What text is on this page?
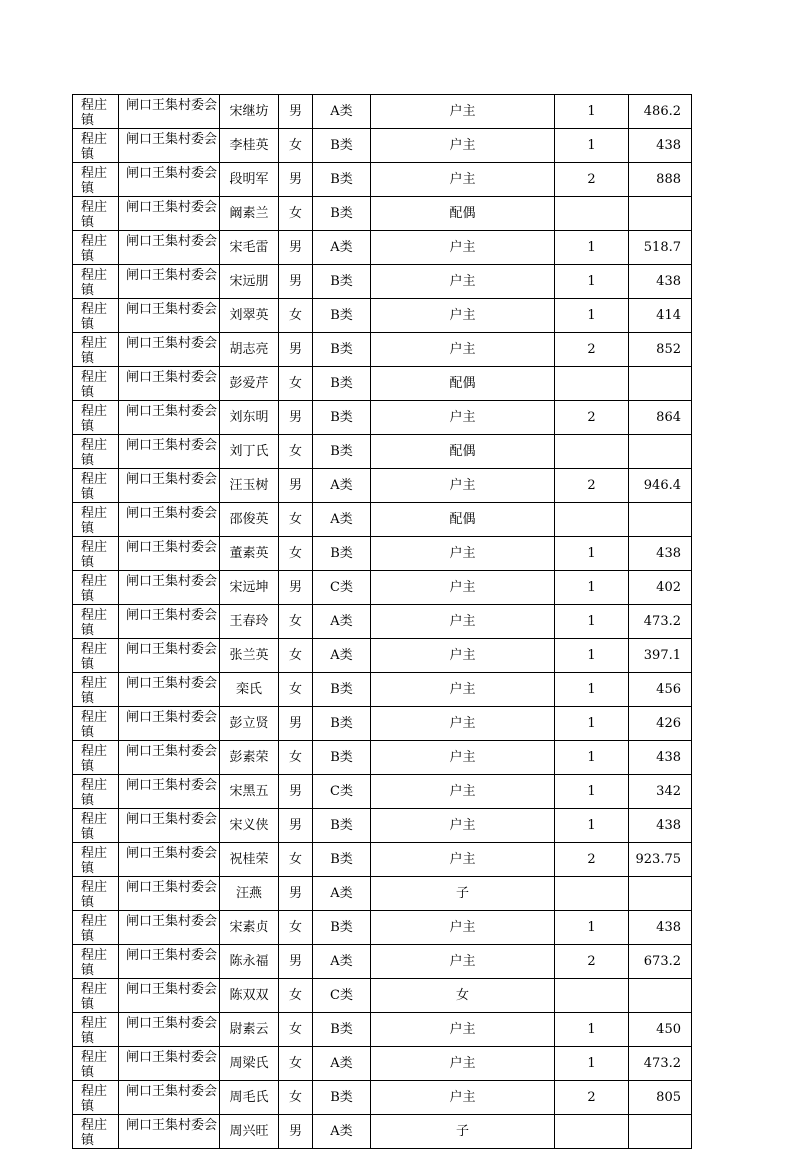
程庄镇	闸口王集村委会	宋继坊	男	A类	户主	1	486.2
程庄镇	闸口王集村委会	李桂英	女	B类	户主	1	438
程庄镇	闸口王集村委会	段明军	男	B类	户主	2	888
程庄镇	闸口王集村委会	阚素兰	女	B类	配偶		
程庄镇	闸口王集村委会	宋毛雷	男	A类	户主	1	518.7
程庄镇	闸口王集村委会	宋远朋	男	B类	户主	1	438
程庄镇	闸口王集村委会	刘翠英	女	B类	户主	1	414
程庄镇	闸口王集村委会	胡志亮	男	B类	户主	2	852
程庄镇	闸口王集村委会	彭爱芹	女	B类	配偶		
程庄镇	闸口王集村委会	刘东明	男	B类	户主	2	864
程庄镇	闸口王集村委会	刘丁氏	女	B类	配偶		
程庄镇	闸口王集村委会	汪玉树	男	A类	户主	2	946.4
程庄镇	闸口王集村委会	邵俊英	女	A类	配偶		
程庄镇	闸口王集村委会	董素英	女	B类	户主	1	438
程庄镇	闸口王集村委会	宋远坤	男	C类	户主	1	402
程庄镇	闸口王集村委会	王春玲	女	A类	户主	1	473.2
程庄镇	闸口王集村委会	张兰英	女	A类	户主	1	397.1
程庄镇	闸口王集村委会	栾氏	女	B类	户主	1	456
程庄镇	闸口王集村委会	彭立贤	男	B类	户主	1	426
程庄镇	闸口王集村委会	彭素荣	女	B类	户主	1	438
程庄镇	闸口王集村委会	宋黑五	男	C类	户主	1	342
程庄镇	闸口王集村委会	宋义侠	男	B类	户主	1	438
程庄镇	闸口王集村委会	祝桂荣	女	B类	户主	2	923.75
程庄镇	闸口王集村委会	汪燕	男	A类	子		
程庄镇	闸口王集村委会	宋素贞	女	B类	户主	1	438
程庄镇	闸口王集村委会	陈永福	男	A类	户主	2	673.2
程庄镇	闸口王集村委会	陈双双	女	C类	女		
程庄镇	闸口王集村委会	尉素云	女	B类	户主	1	450
程庄镇	闸口王集村委会	周梁氏	女	A类	户主	1	473.2
程庄镇	闸口王集村委会	周毛氏	女	B类	户主	2	805
程庄镇	闸口王集村委会	周兴旺	男	A类	子		
